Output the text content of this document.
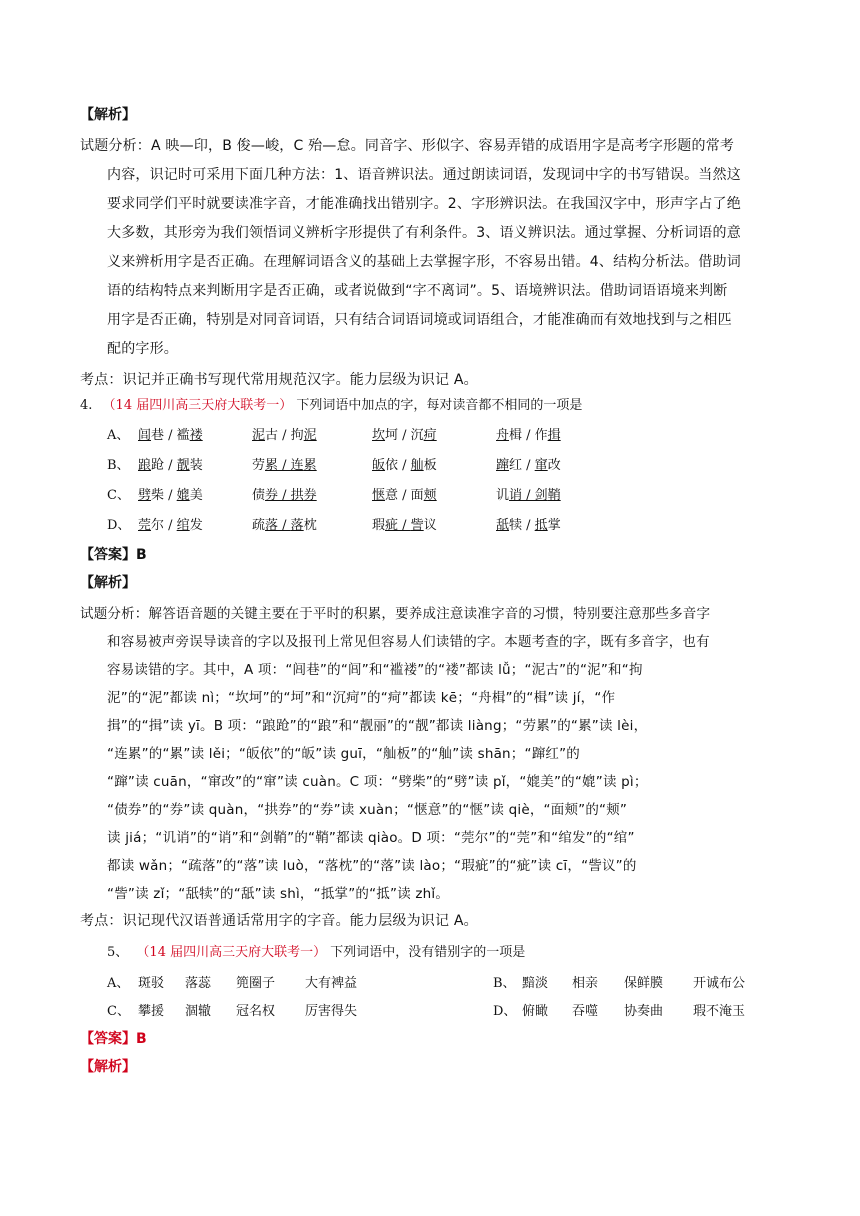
【解析】
试题分析：A 映—印，B 俊—峻，C 殆—怠。同音字、形似字、容易弄错的成语用字是高考字形题的常考
内容，识记时可采用下面几种方法：1、语音辨识法。通过朗读词语，发现词中字的书写错误。当然这
要求同学们平时就要读准字音，才能准确找出错别字。2、字形辨识法。在我国汉字中，形声字占了绝
大多数，其形旁为我们领悟词义辨析字形提供了有利条件。3、语义辨识法。通过掌握、分析词语的意
义来辨析用字是否正确。在理解词语含义的基础上去掌握字形，不容易出错。4、结构分析法。借助词
语的结构特点来判断用字是否正确，或者说做到“字不离词”。5、语境辨识法。借助词语语境来判断
用字是否正确，特别是对同音词语，只有结合词语词境或词语组合，才能准确而有效地找到与之相匹
配的字形。
考点：识记并正确书写现代常用规范汉字。能力层级为识记 A。
4. （14 届四川高三天府大联考一） 下列词语中加点的字，每对读音都不相同的一项是
A、 闾巷 / 褴褛	泥古 / 拘泥	坎坷 / 沉疴	舟楫 / 作揖
B、 踉跄 / 靓装	劳累 / 连累	皈依 / 舢板	蹿红 / 窜改
C、 劈柴 / 媲美	债券 / 拱券	惬意 / 面颊	讥诮 / 剑鞘
D、 莞尔 / 绾发	疏落 / 落枕	瑕疵 / 訾议	舐犊 / 抵掌
【答案】B
【解析】
试题分析：解答语音题的关键主要在于平时的积累，要养成注意读准字音的习惯，特别要注意那些多音字
和容易被声旁误导读音的字以及报刊上常见但容易人们读错的字。本题考查的字，既有多音字，也有
容易读错的字。其中，A 项：“闾巷”的“闾”和“褴褛”的“褛”都读 lǚ；“泥古”的“泥”和“拘
泥”的“泥”都读 nì；“坎坷”的“坷”和“沉疴”的“疴”都读 kē；“舟楫”的“楫”读 jí，“作
揖”的“揖”读 yī。B 项：“踉跄”的“踉”和“靓丽”的“靓”都读 liàng；“劳累”的“累”读 lèi，
“连累”的“累”读 lěi；“皈依”的“皈”读 guī，“舢板”的“舢”读 shān；“蹿红”的
“蹿”读 cuān，“窜改”的“窜”读 cuàn。C 项：“劈柴”的“劈”读 pǐ，“媲美”的“媲”读 pì；
“债券”的“券”读 quàn，“拱券”的“券”读 xuàn；“惬意”的“惬”读 qiè，“面颊”的“颊”
读 jiá；“讥诮”的“诮”和“剑鞘”的“鞘”都读 qiào。D 项：“莞尔”的“莞”和“绾发”的“绾”
都读 wǎn；“疏落”的“落”读 luò，“落枕”的“落”读 lào；“瑕疵”的“疵”读 cī，“訾议”的
“訾”读 zǐ；“舐犊”的“舐”读 shì，“抵掌”的“抵”读 zhǐ。
考点：识记现代汉语普通话常用字的字音。能力层级为识记 A。
5、 （14 届四川高三天府大联考一） 下列词语中，没有错别字的一项是
A、 斑驳 落蕊 篼圈子 大有裨益	B、 黯淡 相亲 保鲜膜 开诚布公
C、 攀援 涸辙 冠名权 厉害得失	D、 俯瞰 吞噬 协奏曲 瑕不淹玉
【答案】B
【解析】
